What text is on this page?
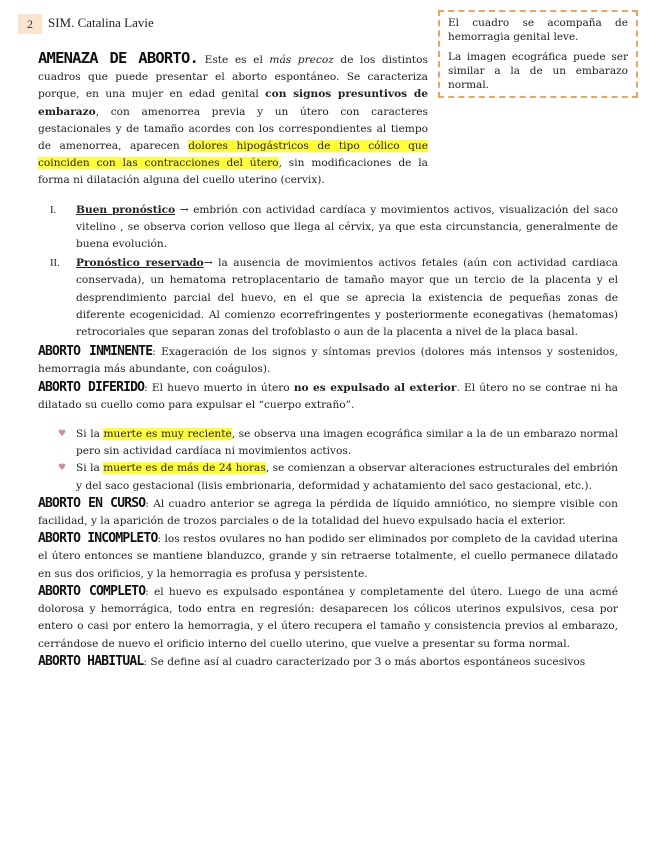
2	SIM. Catalina Lavie	El cuadro se acompaña de hemorragia genital leve.

La imagen ecográfica puede ser similar a la de un embarazo normal.

AMENAZA DE ABORTO. Este es el más precoz de los distintos cuadros que puede presentar el aborto espontáneo. Se caracteriza porque, en una mujer en edad genital con signos presuntivos de embarazo, con amenorrea previa y un útero con caracteres gestacionales y de tamaño acordes con los correspondientes al tiempo de amenorrea, aparecen dolores hipogástricos de tipo cólico que coinciden con las contracciones del útero, sin modificaciones de la forma ni dilatación alguna del cuello uterino (cervix).

I. Buen pronóstico → embrión con actividad cardíaca y movimientos activos, visualización del saco vitelino , se observa corion velloso que llega al cérvix, ya que esta circunstancia, generalmente de buena evolución.
II. Pronóstico reservado→ la ausencia de movimientos activos fetales (aún con actividad cardiaca conservada), un hematoma retroplacentario de tamaño mayor que un tercio de la placenta y el desprendimiento parcial del huevo, en el que se aprecia la existencia de pequeñas zonas de diferente ecogenicidad. Al comienzo ecorrefringentes y posteriormente econegativas (hematomas) retrocoriales que separan zonas del trofoblasto o aun de la placenta a nivel de la placa basal.

ABORTO INMINENTE: Exageración de los signos y síntomas previos (dolores más intensos y sostenidos, hemorragia más abundante, con coágulos).

ABORTO DIFERIDO: El huevo muerto in útero no es expulsado al exterior. El útero no se contrae ni ha dilatado su cuello como para expulsar el “cuerpo extraño”.

♥ Si la muerte es muy reciente, se observa una imagen ecográfica similar a la de un embarazo normal pero sin actividad cardíaca ni movimientos activos.
♥ Si la muerte es de más de 24 horas, se comienzan a observar alteraciones estructurales del embrión y del saco gestacional (lisis embrionaria, deformidad y achatamiento del saco gestacional, etc.).

ABORTO EN CURSO: Al cuadro anterior se agrega la pérdida de líquido amniótico, no siempre visible con facilidad, y la aparición de trozos parciales o de la totalidad del huevo expulsado hacia el exterior.

ABORTO INCOMPLETO: los restos ovulares no han podido ser eliminados por completo de la cavidad uterina el útero entonces se mantiene blanduzco, grande y sin retraerse totalmente, el cuello permanece dilatado en sus dos orificios, y la hemorragia es profusa y persistente.

ABORTO COMPLETO: el huevo es expulsado espontánea y completamente del útero. Luego de una acmé dolorosa y hemorrágica, todo entra en regresión: desaparecen los cólicos uterinos expulsivos, cesa por entero o casi por entero la hemorragia, y el útero recupera el tamaño y consistencia previos al embarazo, cerrándose de nuevo el orificio interno del cuello uterino, que vuelve a presentar su forma normal.

ABORTO HABITUAL: Se define así al cuadro caracterizado por 3 o más abortos espontáneos sucesivos
